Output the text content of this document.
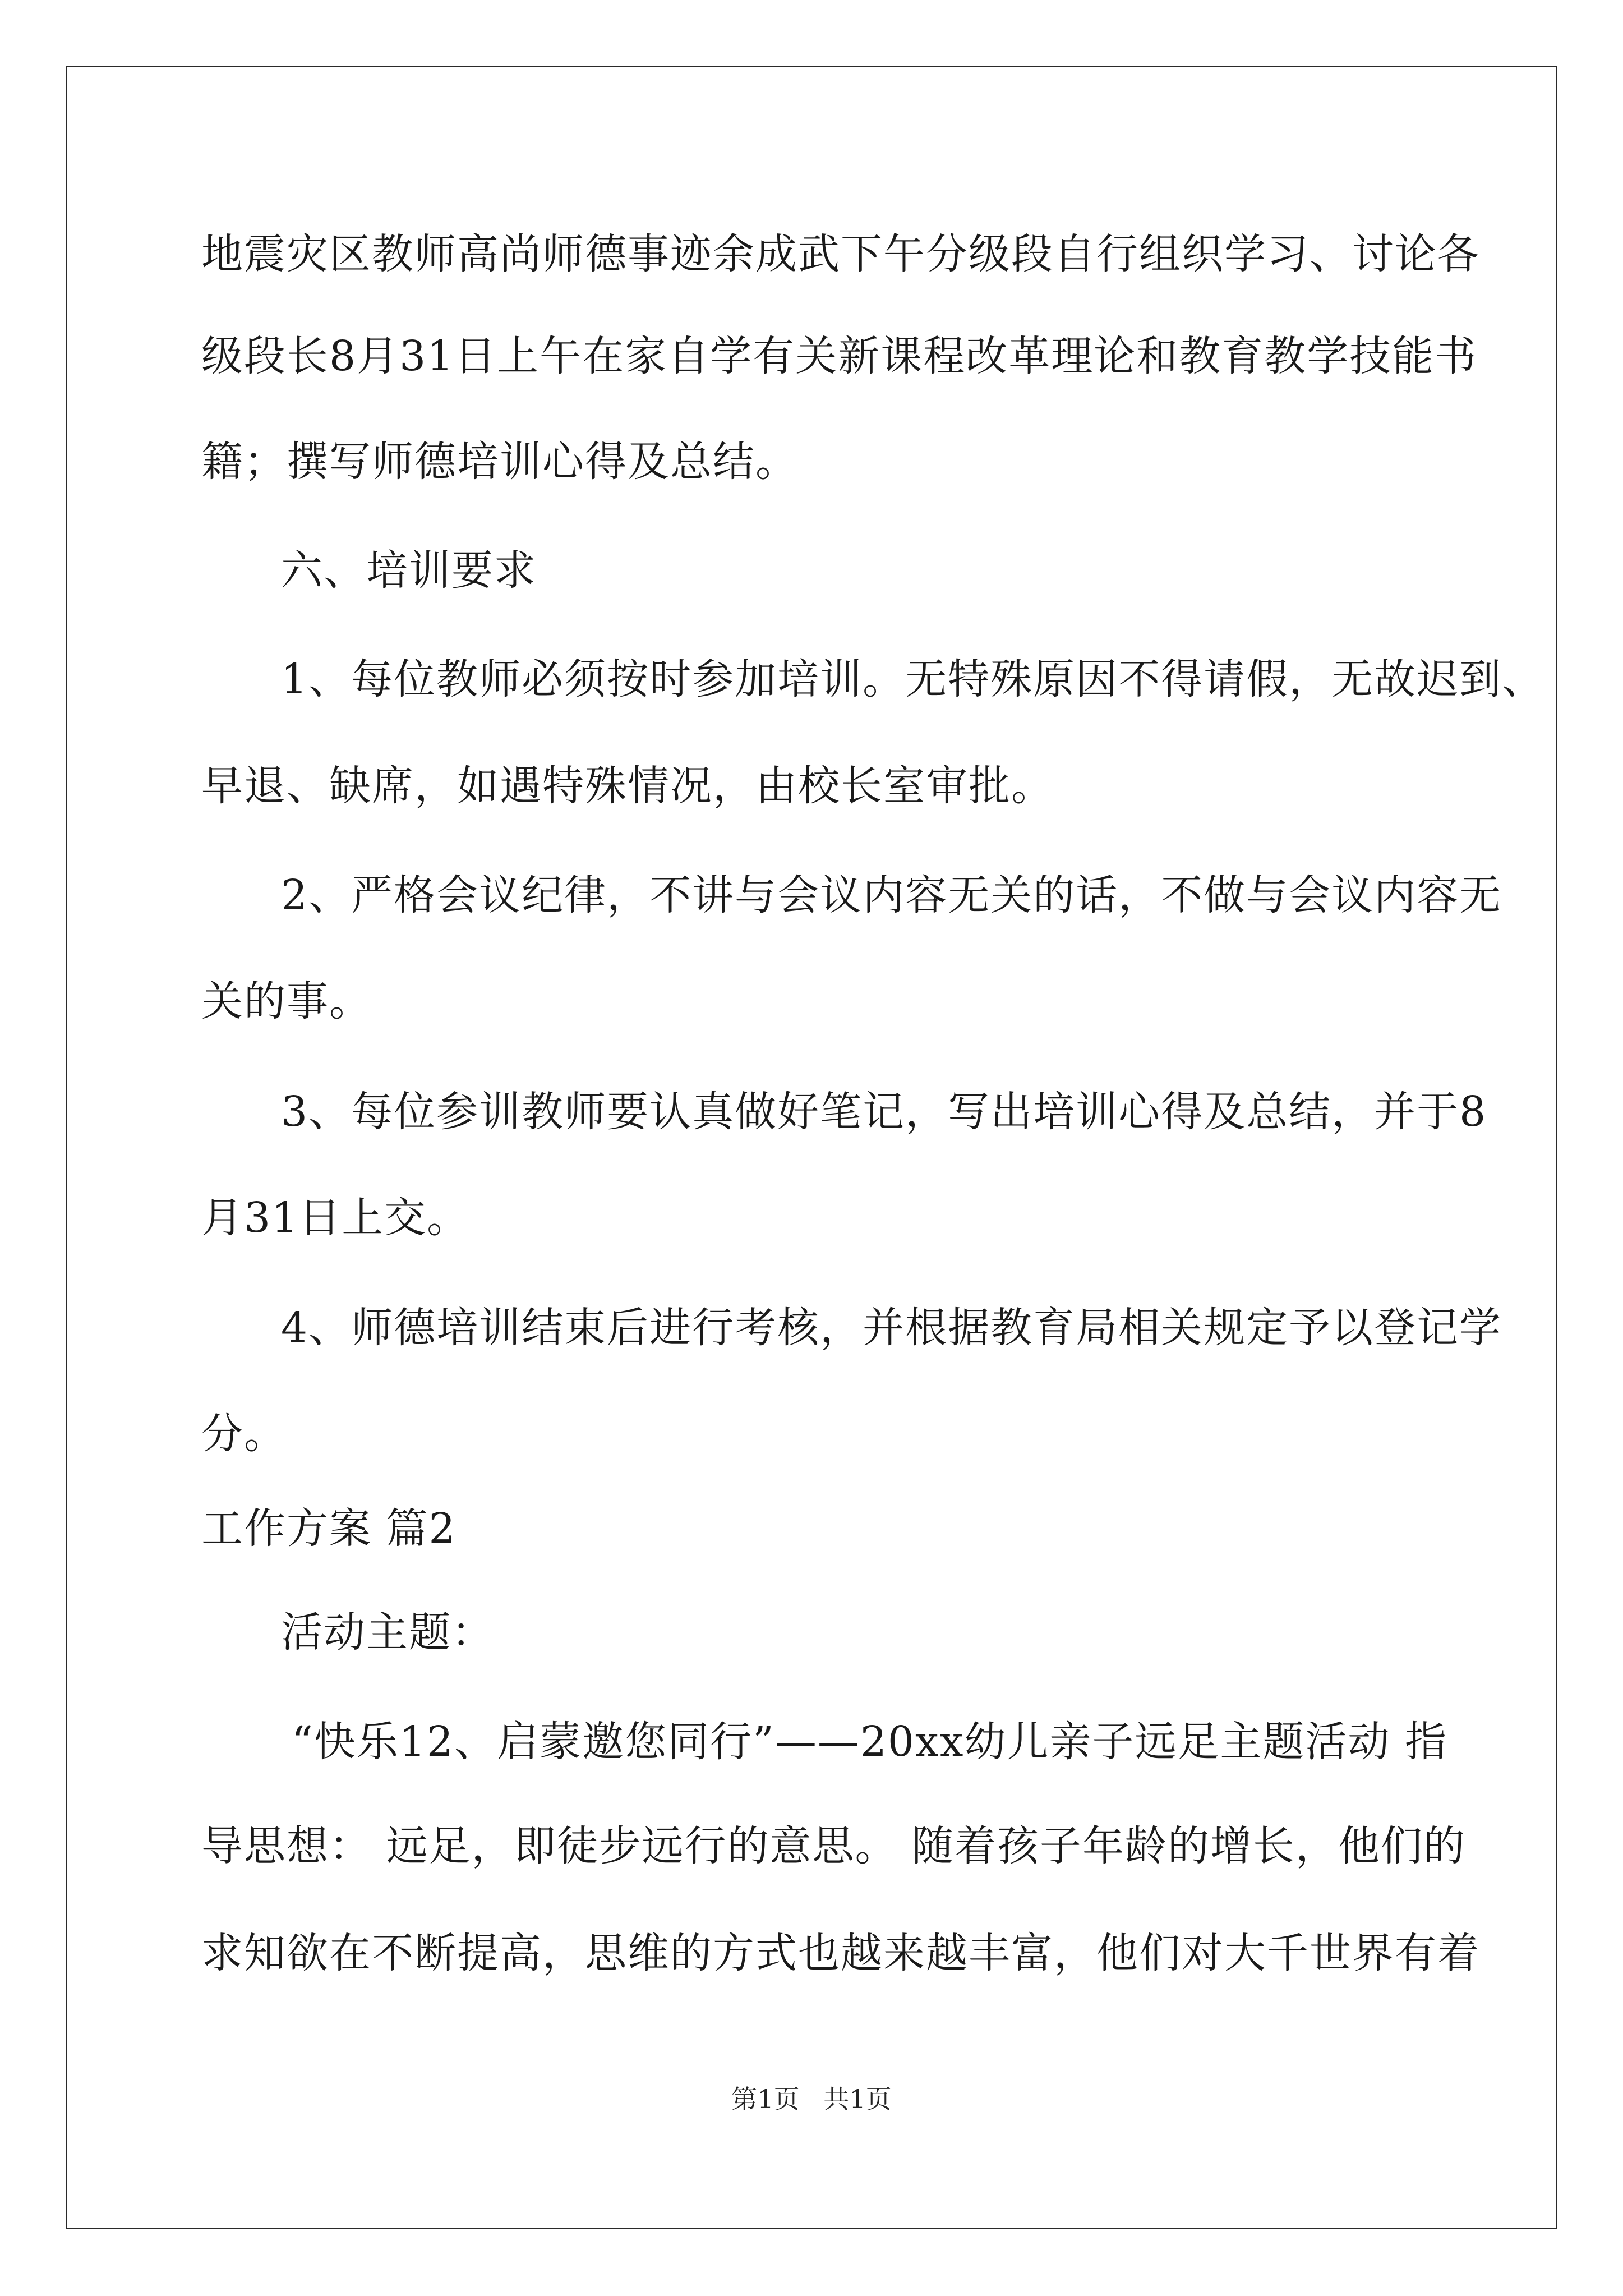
地震灾区教师高尚师德事迹余成武下午分级段自行组织学习、讨论各
级段长8月31日上午在家自学有关新课程改革理论和教育教学技能书
籍；撰写师德培训心得及总结。
六、培训要求
1、每位教师必须按时参加培训。无特殊原因不得请假，无故迟到、
早退、缺席，如遇特殊情况，由校长室审批。
2、严格会议纪律，不讲与会议内容无关的话，不做与会议内容无
关的事。
3、每位参训教师要认真做好笔记，写出培训心得及总结，并于8
月31日上交。
4、师德培训结束后进行考核，并根据教育局相关规定予以登记学
分。
工作方案 篇2
活动主题：
“快乐12、启蒙邀您同行”——20xx幼儿亲子远足主题活动 指
导思想： 远足，即徒步远行的意思。 随着孩子年龄的增长，他们的
求知欲在不断提高，思维的方式也越来越丰富，他们对大千世界有着
第1页 共1页
